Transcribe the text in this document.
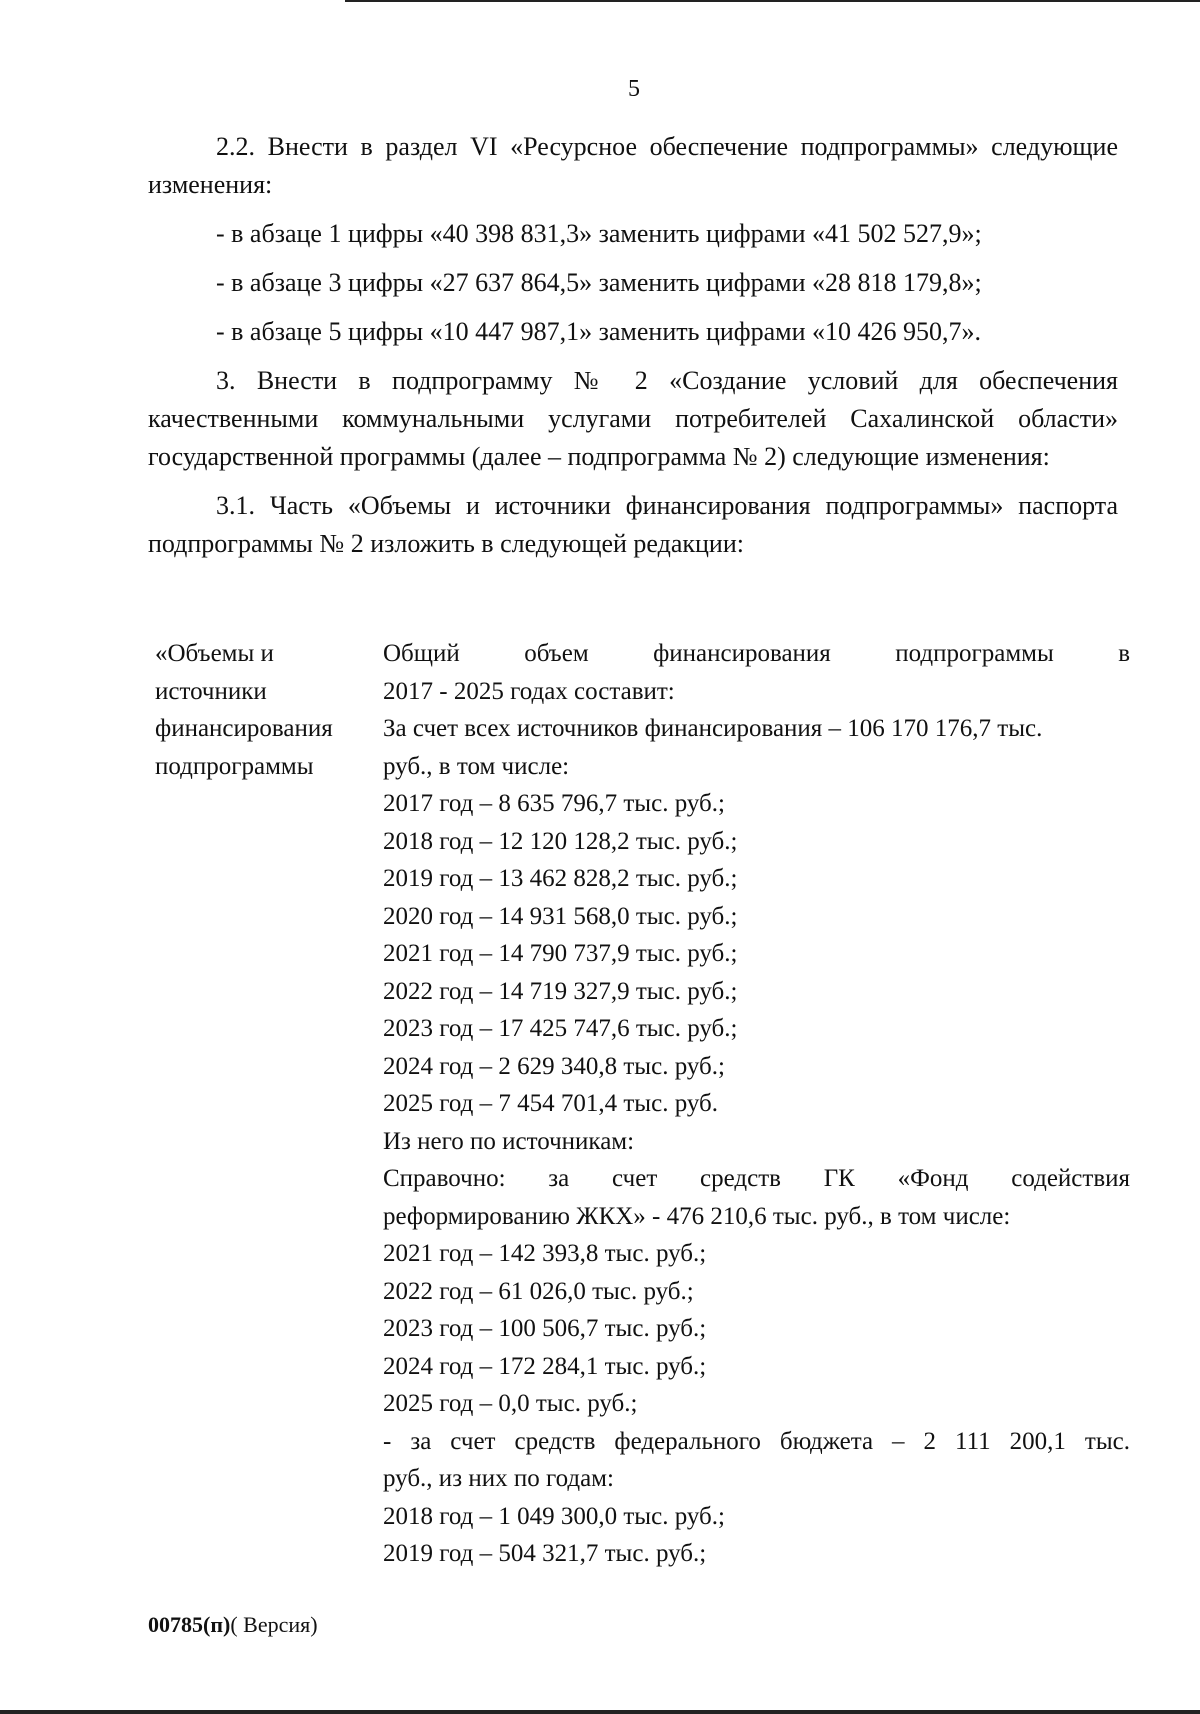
5

2.2. Внести в раздел VI «Ресурсное обеспечение подпрограммы» следующие изменения:

- в абзаце 1 цифры «40 398 831,3» заменить цифрами «41 502 527,9»;

- в абзаце 3 цифры «27 637 864,5» заменить цифрами «28 818 179,8»;

- в абзаце 5 цифры «10 447 987,1» заменить цифрами «10 426 950,7».

3. Внести в подпрограмму № 2 «Создание условий для обеспечения качественными коммунальными услугами потребителей Сахалинской области» государственной программы (далее – подпрограмма № 2) следующие изменения:

3.1. Часть «Объемы и источники финансирования подпрограммы» паспорта подпрограммы № 2 изложить в следующей редакции:

«Объемы и
источники
финансирования
подпрограммы
Общий объем финансирования подпрограммы в
2017 - 2025 годах составит:
За счет всех источников финансирования – 106 170 176,7 тыс.
руб., в том числе:
2017 год – 8 635 796,7 тыс. руб.;
2018 год – 12 120 128,2 тыс. руб.;
2019 год – 13 462 828,2 тыс. руб.;
2020 год – 14 931 568,0 тыс. руб.;
2021 год – 14 790 737,9 тыс. руб.;
2022 год – 14 719 327,9 тыс. руб.;
2023 год – 17 425 747,6 тыс. руб.;
2024 год – 2 629 340,8 тыс. руб.;
2025 год – 7 454 701,4 тыс. руб.
Из него по источникам:
Справочно: за счет средств ГК «Фонд содействия
реформированию ЖКХ» - 476 210,6 тыс. руб., в том числе:
2021 год – 142 393,8 тыс. руб.;
2022 год – 61 026,0 тыс. руб.;
2023 год – 100 506,7 тыс. руб.;
2024 год – 172 284,1 тыс. руб.;
2025 год – 0,0 тыс. руб.;
- за счет средств федерального бюджета – 2 111 200,1 тыс.
руб., из них по годам:
2018 год – 1 049 300,0 тыс. руб.;
2019 год – 504 321,7 тыс. руб.;
00785(п)( Версия)
